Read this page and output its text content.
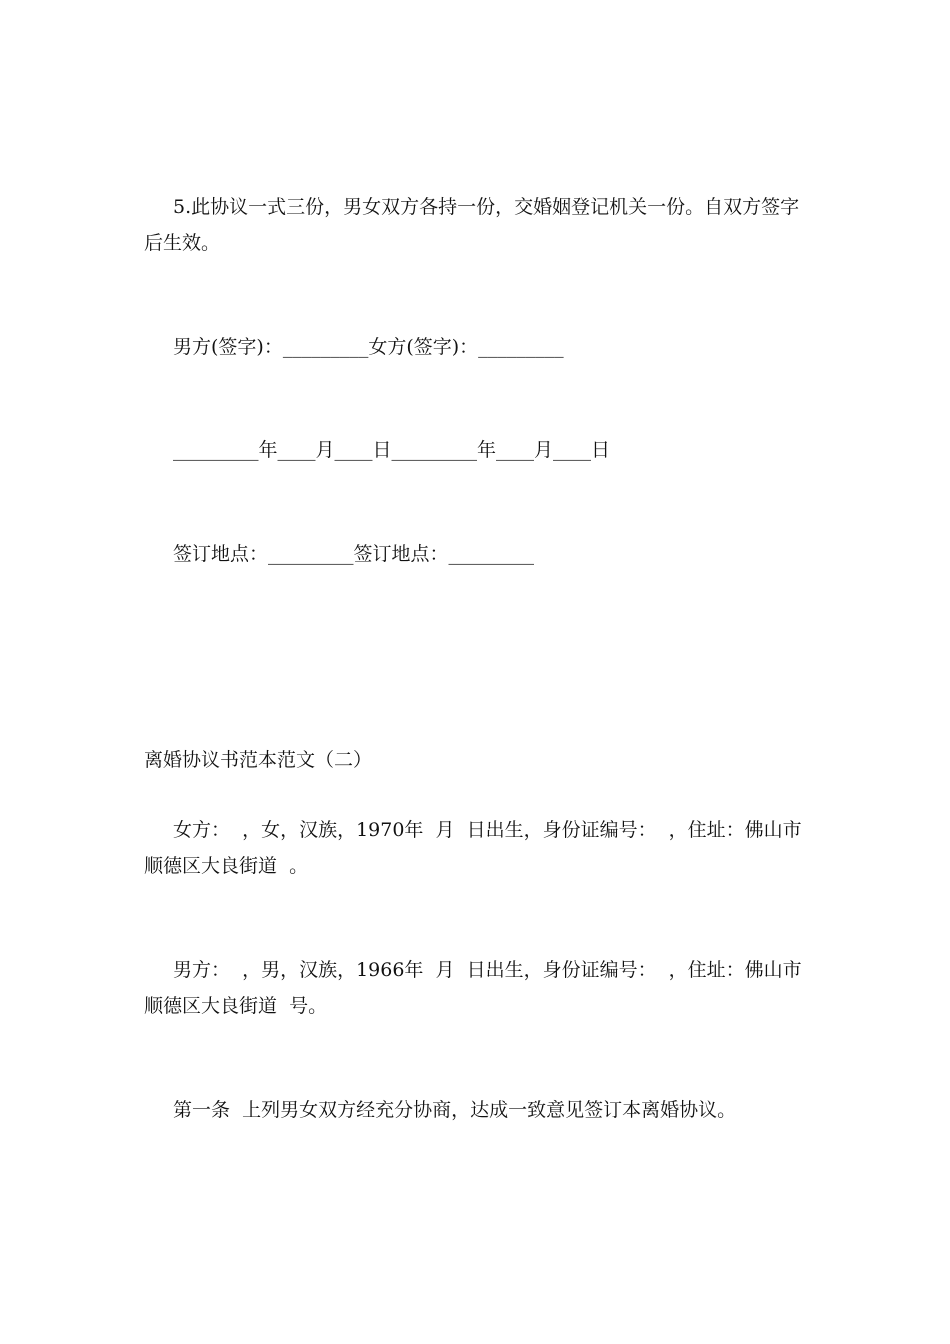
5.此协议一式三份，男女双方各持一份，交婚姻登记机关一份。自双方签字
后生效。
男方(签字)：_________女方(签字)：_________
_________年____月____日_________年____月____日
签订地点：_________签订地点：_________
离婚协议书范本范文（二）
女方：  ，女，汉族，1970年  月  日出生，身份证编号：  ，住址：佛山市
顺德区大良街道  。
男方：  ，男，汉族，1966年  月  日出生，身份证编号：  ，住址：佛山市
顺德区大良街道  号。
第一条  上列男女双方经充分协商，达成一致意见签订本离婚协议。
